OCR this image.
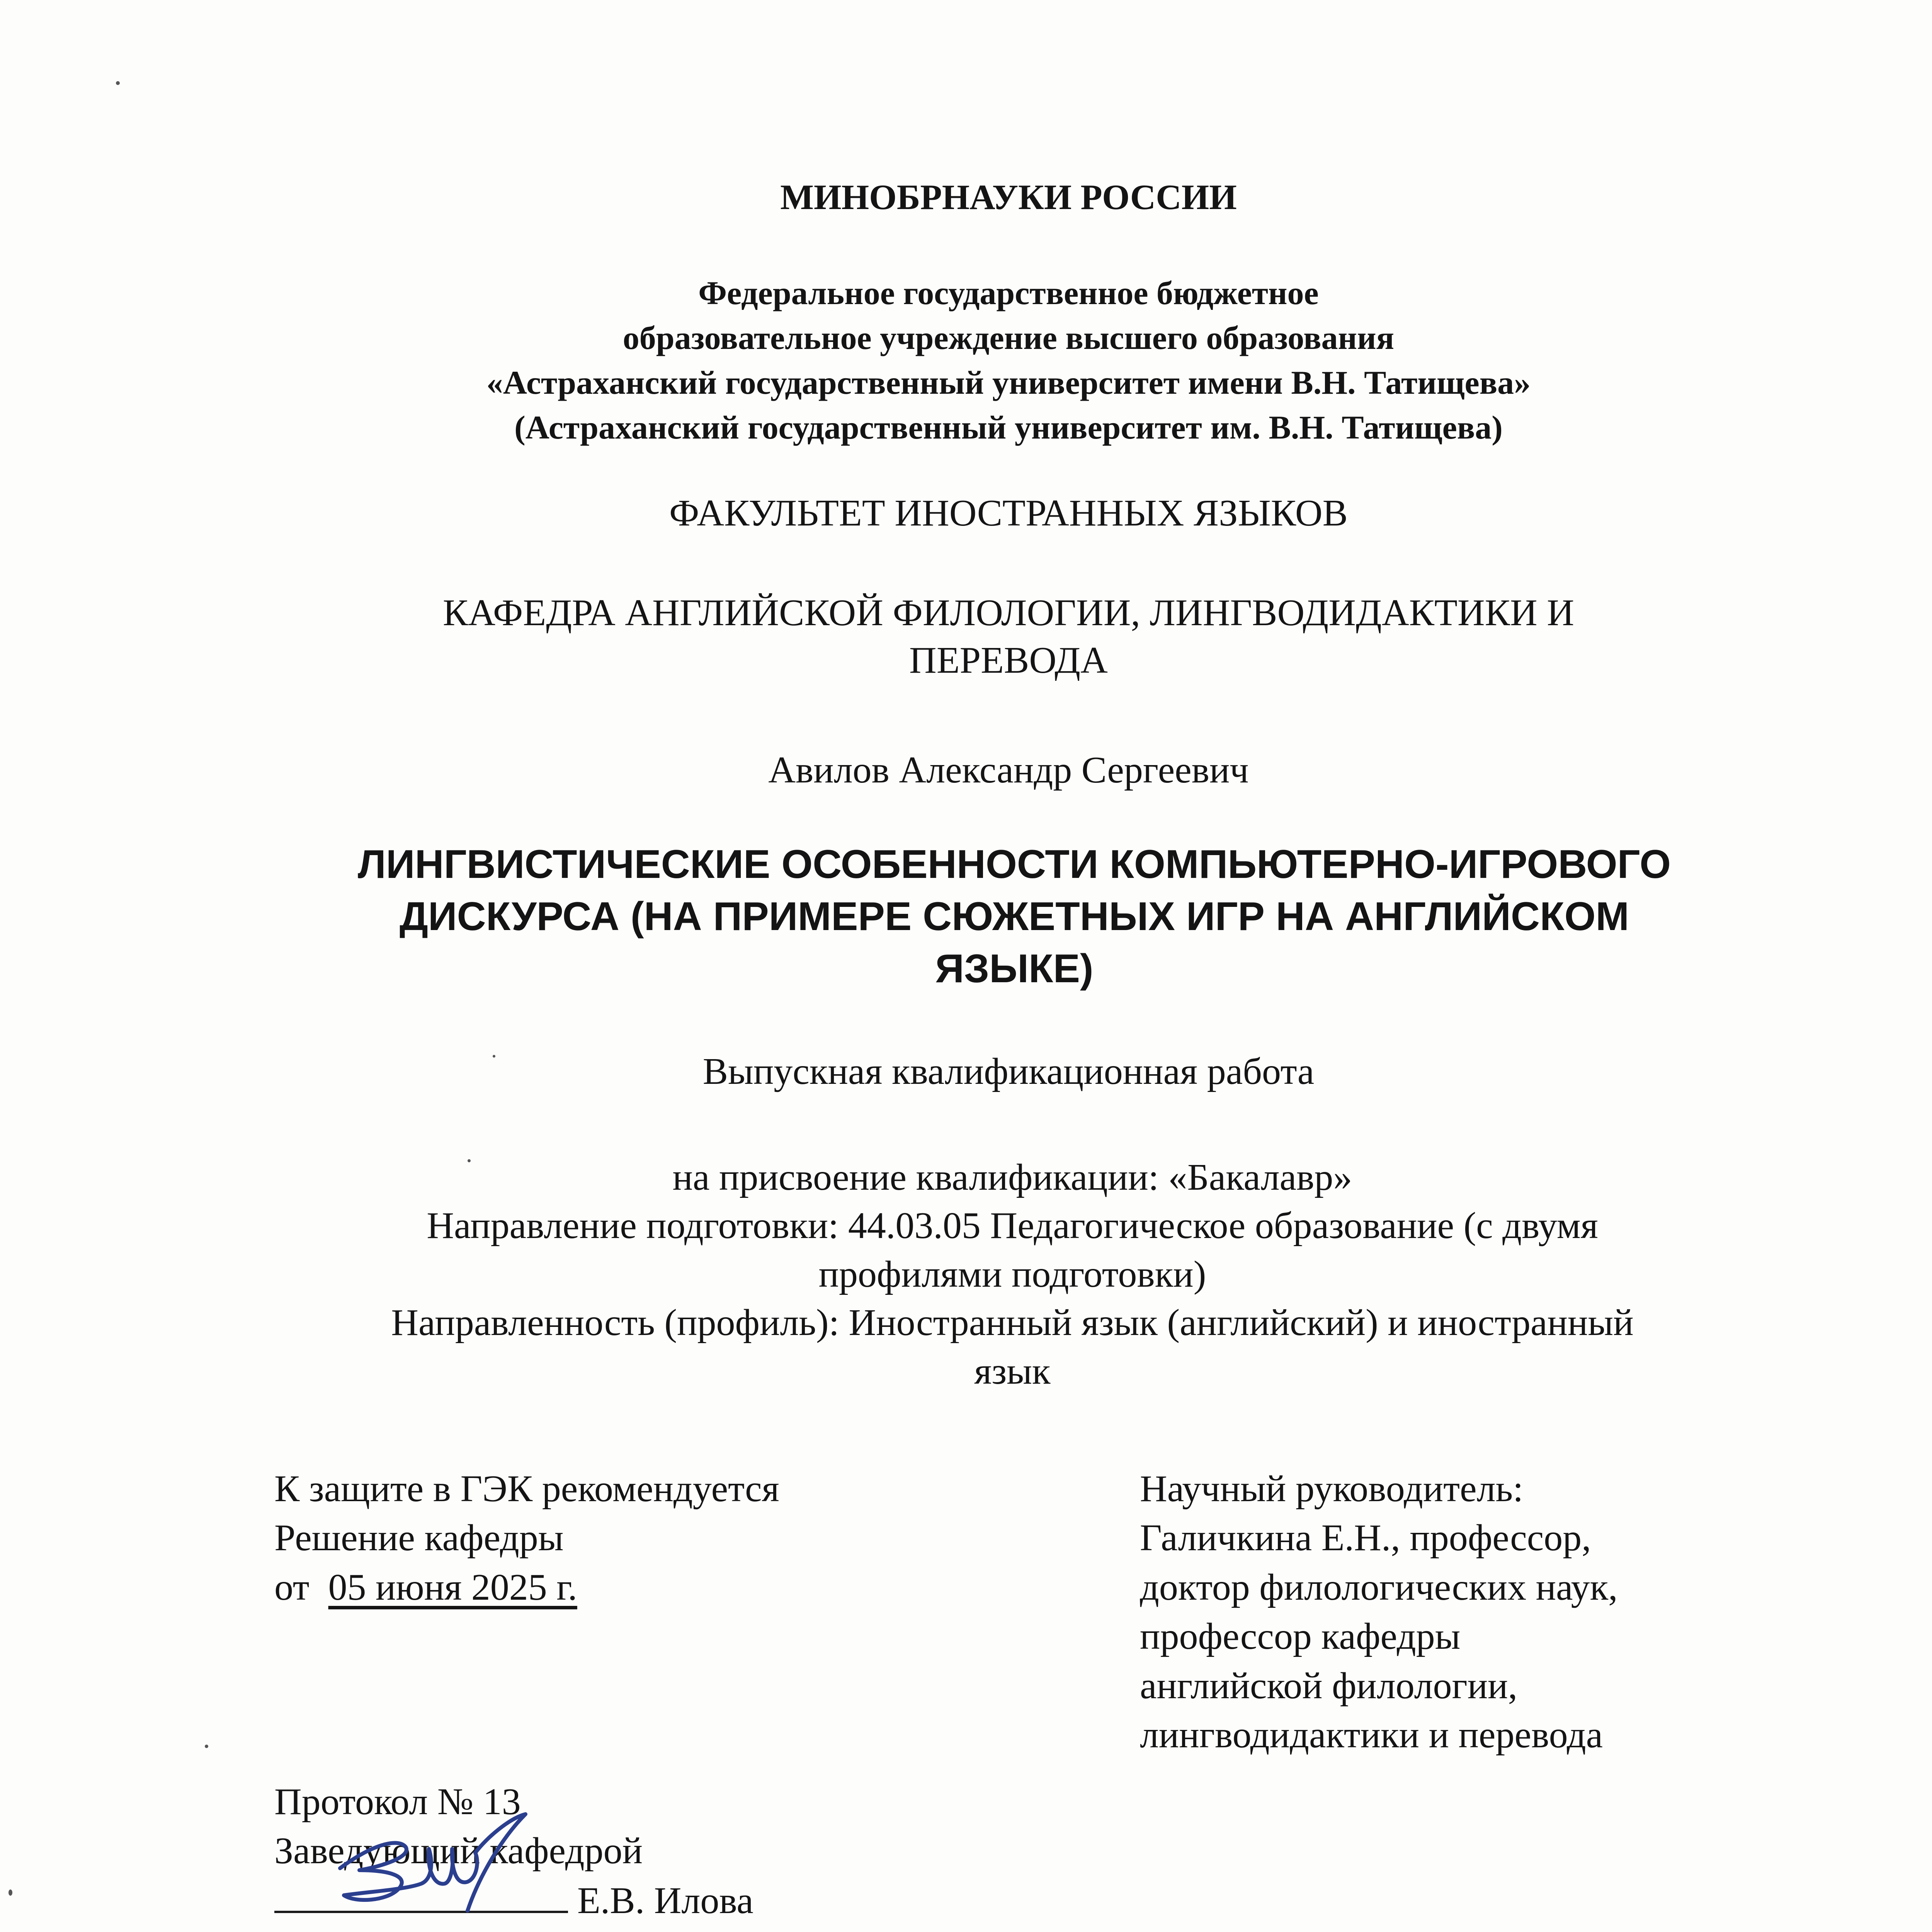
МИНОБРНАУКИ РОССИИ
Федеральное государственное бюджетное
образовательное учреждение высшего образования
«Астраханский государственный университет имени В.Н. Татищева»
(Астраханский государственный университет им. В.Н. Татищева)
ФАКУЛЬТЕТ ИНОСТРАННЫХ ЯЗЫКОВ
КАФЕДРА АНГЛИЙСКОЙ ФИЛОЛОГИИ, ЛИНГВОДИДАКТИКИ И
ПЕРЕВОДА
Авилов Александр Сергеевич
ЛИНГВИСТИЧЕСКИЕ ОСОБЕННОСТИ КОМПЬЮТЕРНО-ИГРОВОГО
ДИСКУРСА (НА ПРИМЕРЕ СЮЖЕТНЫХ ИГР НА АНГЛИЙСКОМ
ЯЗЫКЕ)
Выпускная квалификационная работа
на присвоение квалификации: «Бакалавр»
Направление подготовки: 44.03.05 Педагогическое образование (с двумя
профилями подготовки)
Направленность (профиль): Иностранный язык (английский) и иностранный
язык
К защите в ГЭК рекомендуется
Решение кафедры
от 05 июня 2025 г.
Научный руководитель:
Галичкина Е.Н., профессор,
доктор филологических наук,
профессор кафедры
английской филологии,
лингводидактики и перевода
Протокол № 13
Заведующий кафедрой
Е.В. Илова
